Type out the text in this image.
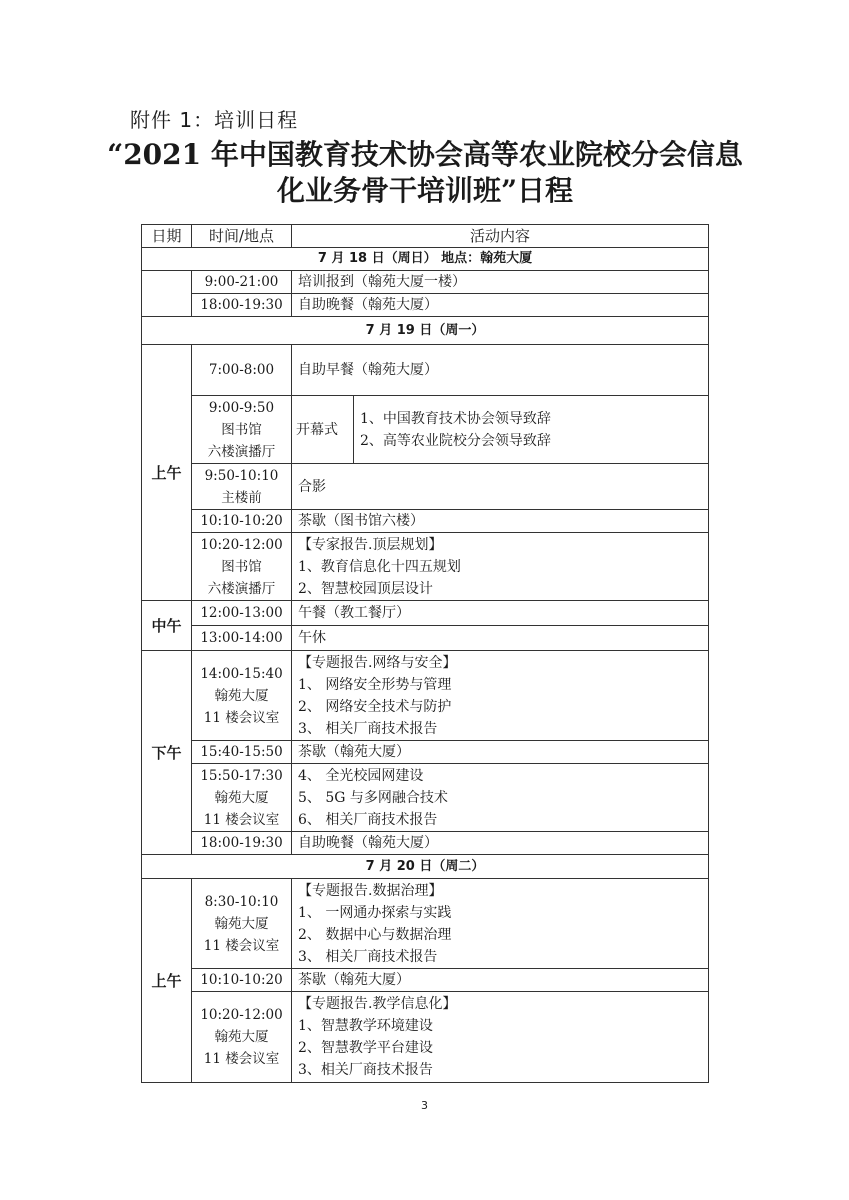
附件 1：培训日程
“2021 年中国教育技术协会高等农业院校分会信息
化业务骨干培训班”日程
日期	时间/地点	活动内容	
7 月 18 日（周日） 地点：翰苑大厦			
	9:00-21:00	培训报到（翰苑大厦一楼）	
	18:00-19:30	自助晚餐（翰苑大厦）	
7 月 19 日（周一）			
上午	7:00-8:00	自助早餐（翰苑大厦）	

	9:00-9:50
图书馆
六楼演播厅	开幕式	1、中国教育技术协会领导致辞
2、高等农业院校分会领导致辞

	9:50-10:10
主楼前	合影	
	10:10-10:20	茶歇（图书馆六楼）	

	10:20-12:00
图书馆
六楼演播厅	【专家报告.顶层规划】
1、教育信息化十四五规划
2、智慧校园顶层设计	

中午	12:00-13:00	午餐（教工餐厅）	
	13:00-14:00	午休	
下午	14:00-15:40
翰苑大厦
11 楼会议室	【专题报告.网络与安全】
1、 网络安全形势与管理
2、 网络安全技术与防护
3、 相关厂商技术报告	

	15:40-15:50	茶歇（翰苑大厦）	

	15:50-17:30
翰苑大厦
11 楼会议室	4、 全光校园网建设
5、 5G 与多网融合技术
6、 相关厂商技术报告	

	18:00-19:30	自助晚餐（翰苑大厦）	
7 月 20 日（周二）			
上午	8:30-10:10
翰苑大厦
11 楼会议室	【专题报告.数据治理】
1、 一网通办探索与实践
2、 数据中心与数据治理
3、 相关厂商技术报告	

	10:10-10:20	茶歇（翰苑大厦）	

	10:20-12:00
翰苑大厦
11 楼会议室	【专题报告.教学信息化】
1、智慧教学环境建设
2、智慧教学平台建设
3、相关厂商技术报告	
3
